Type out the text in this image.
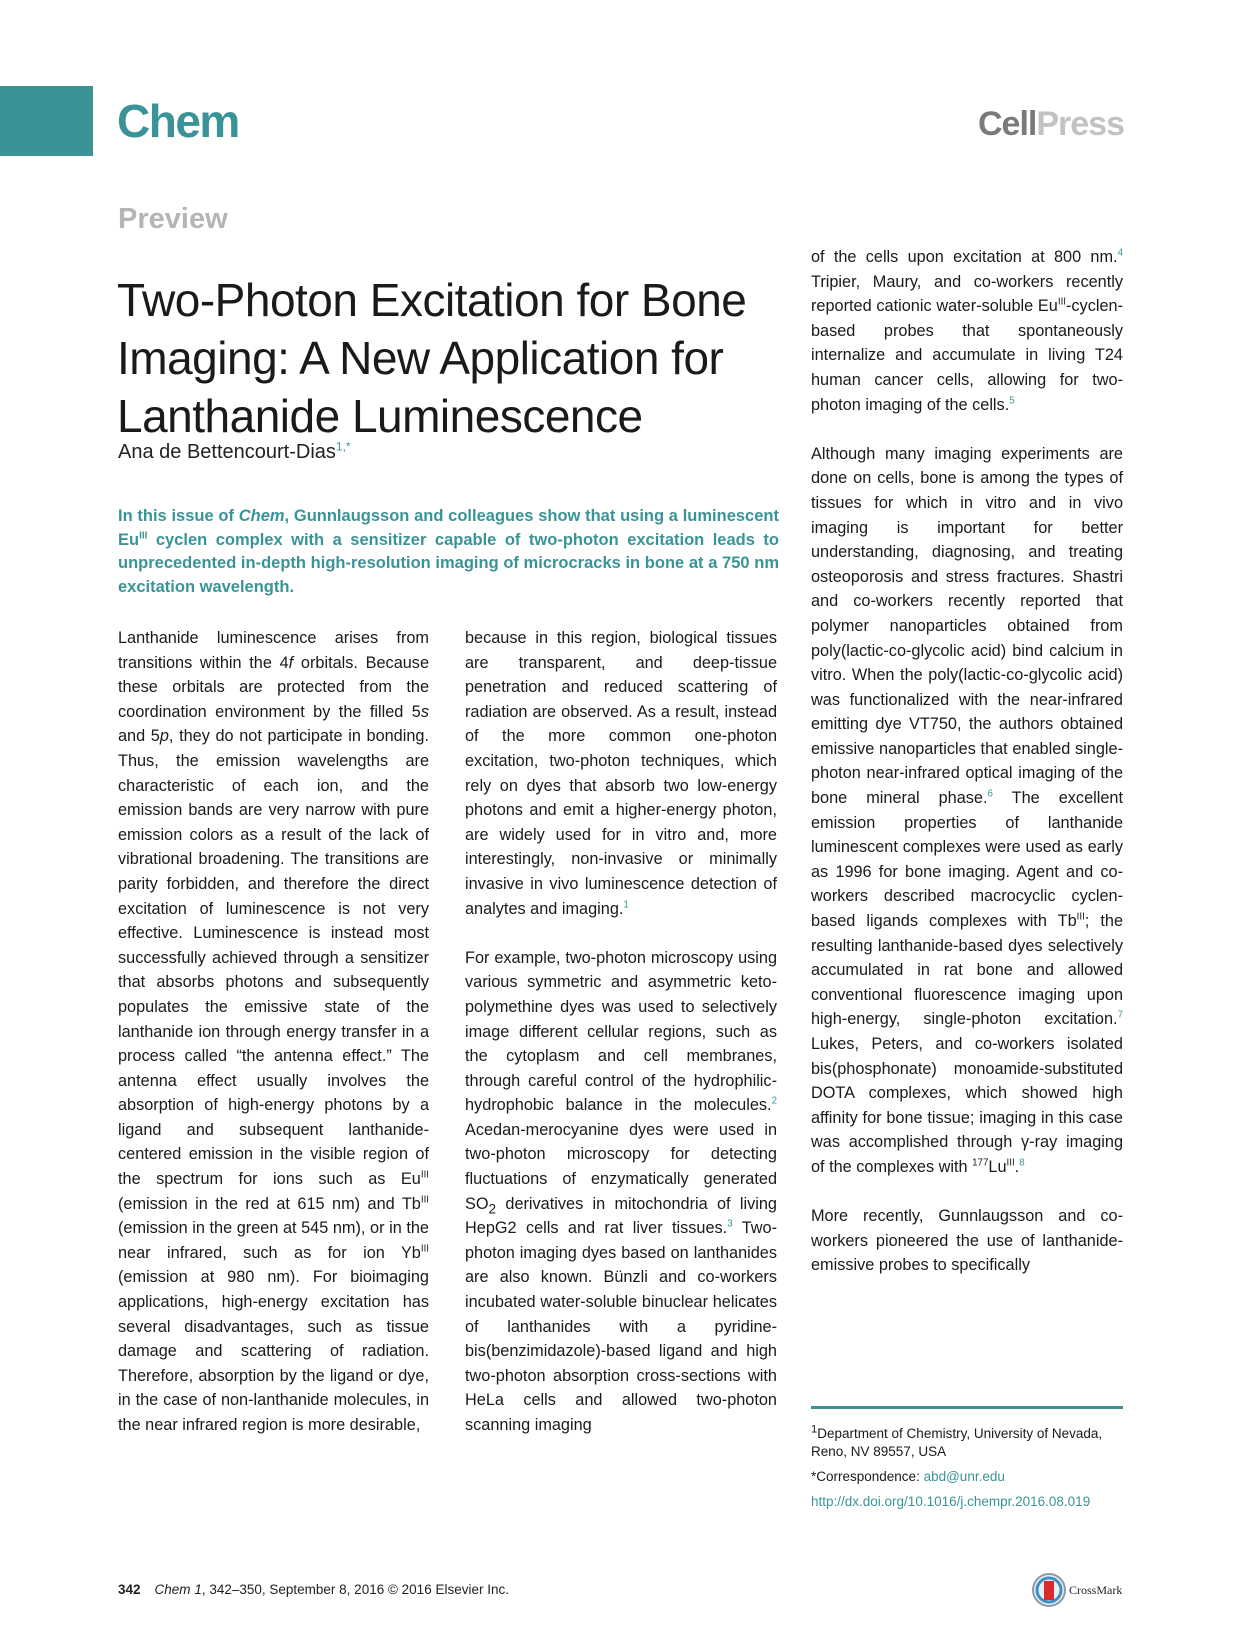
Chem	CellPress
Preview
Two-Photon Excitation for Bone Imaging: A New Application for Lanthanide Luminescence
Ana de Bettencourt-Dias$^{1,*}$
In this issue of Chem, Gunnlaugsson and colleagues show that using a luminescent $Eu^{III}$ cyclen complex with a sensitizer capable of two-photon excitation leads to unprecedented in-depth high-resolution imaging of microcracks in bone at a 750 nm excitation wavelength.

Lanthanide luminescence arises from transitions within the 4f orbitals. Because these orbitals are protected from the coordination environment by the filled 5s and 5p, they do not participate in bonding. Thus, the emission wavelengths are characteristic of each ion, and the emission bands are very narrow with pure emission colors as a result of the lack of vibrational broadening. The transitions are parity forbidden, and therefore the direct excitation of luminescence is not very effective. Luminescence is instead most successfully achieved through a sensitizer that absorbs photons and subsequently populates the emissive state of the lanthanide ion through energy transfer in a process called “the antenna effect.” The antenna effect usually involves the absorption of high-energy photons by a ligand and subsequent lanthanide-centered emission in the visible region of the spectrum for ions such as $Eu^{III}$ (emission in the red at 615 nm) and $Tb^{III}$ (emission in the green at 545 nm), or in the near infrared, such as for ion $Yb^{III}$ (emission at 980 nm). For bioimaging applications, high-energy excitation has several disadvantages, such as tissue damage and scattering of radiation. Therefore, absorption by the ligand or dye, in the case of non-lanthanide molecules, in the near infrared region is more desirable,

because in this region, biological tissues are transparent, and deep-tissue penetration and reduced scattering of radiation are observed. As a result, instead of the more common one-photon excitation, two-photon techniques, which rely on dyes that absorb two low-energy photons and emit a higher-energy photon, are widely used for in vitro and, more interestingly, non-invasive or minimally invasive in vivo luminescence detection of analytes and imaging.$^1$

For example, two-photon microscopy using various symmetric and asymmetric keto-polymethine dyes was used to selectively image different cellular regions, such as the cytoplasm and cell membranes, through careful control of the hydrophilic-hydrophobic balance in the molecules.$^2$ Acedan-merocyanine dyes were used in two-photon microscopy for detecting fluctuations of enzymatically generated $SO_2$ derivatives in mitochondria of living HepG2 cells and rat liver tissues.$^3$ Two-photon imaging dyes based on lanthanides are also known. Bünzli and co-workers incubated water-soluble binuclear helicates of lanthanides with a pyridine-bis(benzimidazole)-based ligand and high two-photon absorption cross-sections with HeLa cells and allowed two-photon scanning imaging

of the cells upon excitation at 800 nm.$^4$ Tripier, Maury, and co-workers recently reported cationic water-soluble $Eu^{III}-cyclen$-based probes that spontaneously internalize and accumulate in living T24 human cancer cells, allowing for two-photon imaging of the cells.$^5$

Although many imaging experiments are done on cells, bone is among the types of tissues for which in vitro and in vivo imaging is important for better understanding, diagnosing, and treating osteoporosis and stress fractures. Shastri and co-workers recently reported that polymer nanoparticles obtained from poly(lactic-co-glycolic acid) bind calcium in vitro. When the poly(lactic-co-glycolic acid) was functionalized with the near-infrared emitting dye VT750, the authors obtained emissive nanoparticles that enabled single-photon near-infrared optical imaging of the bone mineral phase.$^6$ The excellent emission properties of lanthanide luminescent complexes were used as early as 1996 for bone imaging. Agent and co-workers described macrocyclic cyclen-based ligands complexes with $Tb^{III}$; the resulting lanthanide-based dyes selectively accumulated in rat bone and allowed conventional fluorescence imaging upon high-energy, single-photon excitation.$^7$ Lukes, Peters, and co-workers isolated bis(phosphonate) monoamide-substituted DOTA complexes, which showed high affinity for bone tissue; imaging in this case was accomplished through γ-ray imaging of the complexes with $^{177}Lu^{III}.^8$

More recently, Gunnlaugsson and co-workers pioneered the use of lanthanide-emissive probes to specifically

$^1$Department of Chemistry, University of Nevada, Reno, NV 89557, USA
*Correspondence: abd@unr.edu
http://dx.doi.org/10.1016/j.chempr.2016.08.019
342 Chem 1, 342–350, September 8, 2016 © 2016 Elsevier Inc.	CrossMark
